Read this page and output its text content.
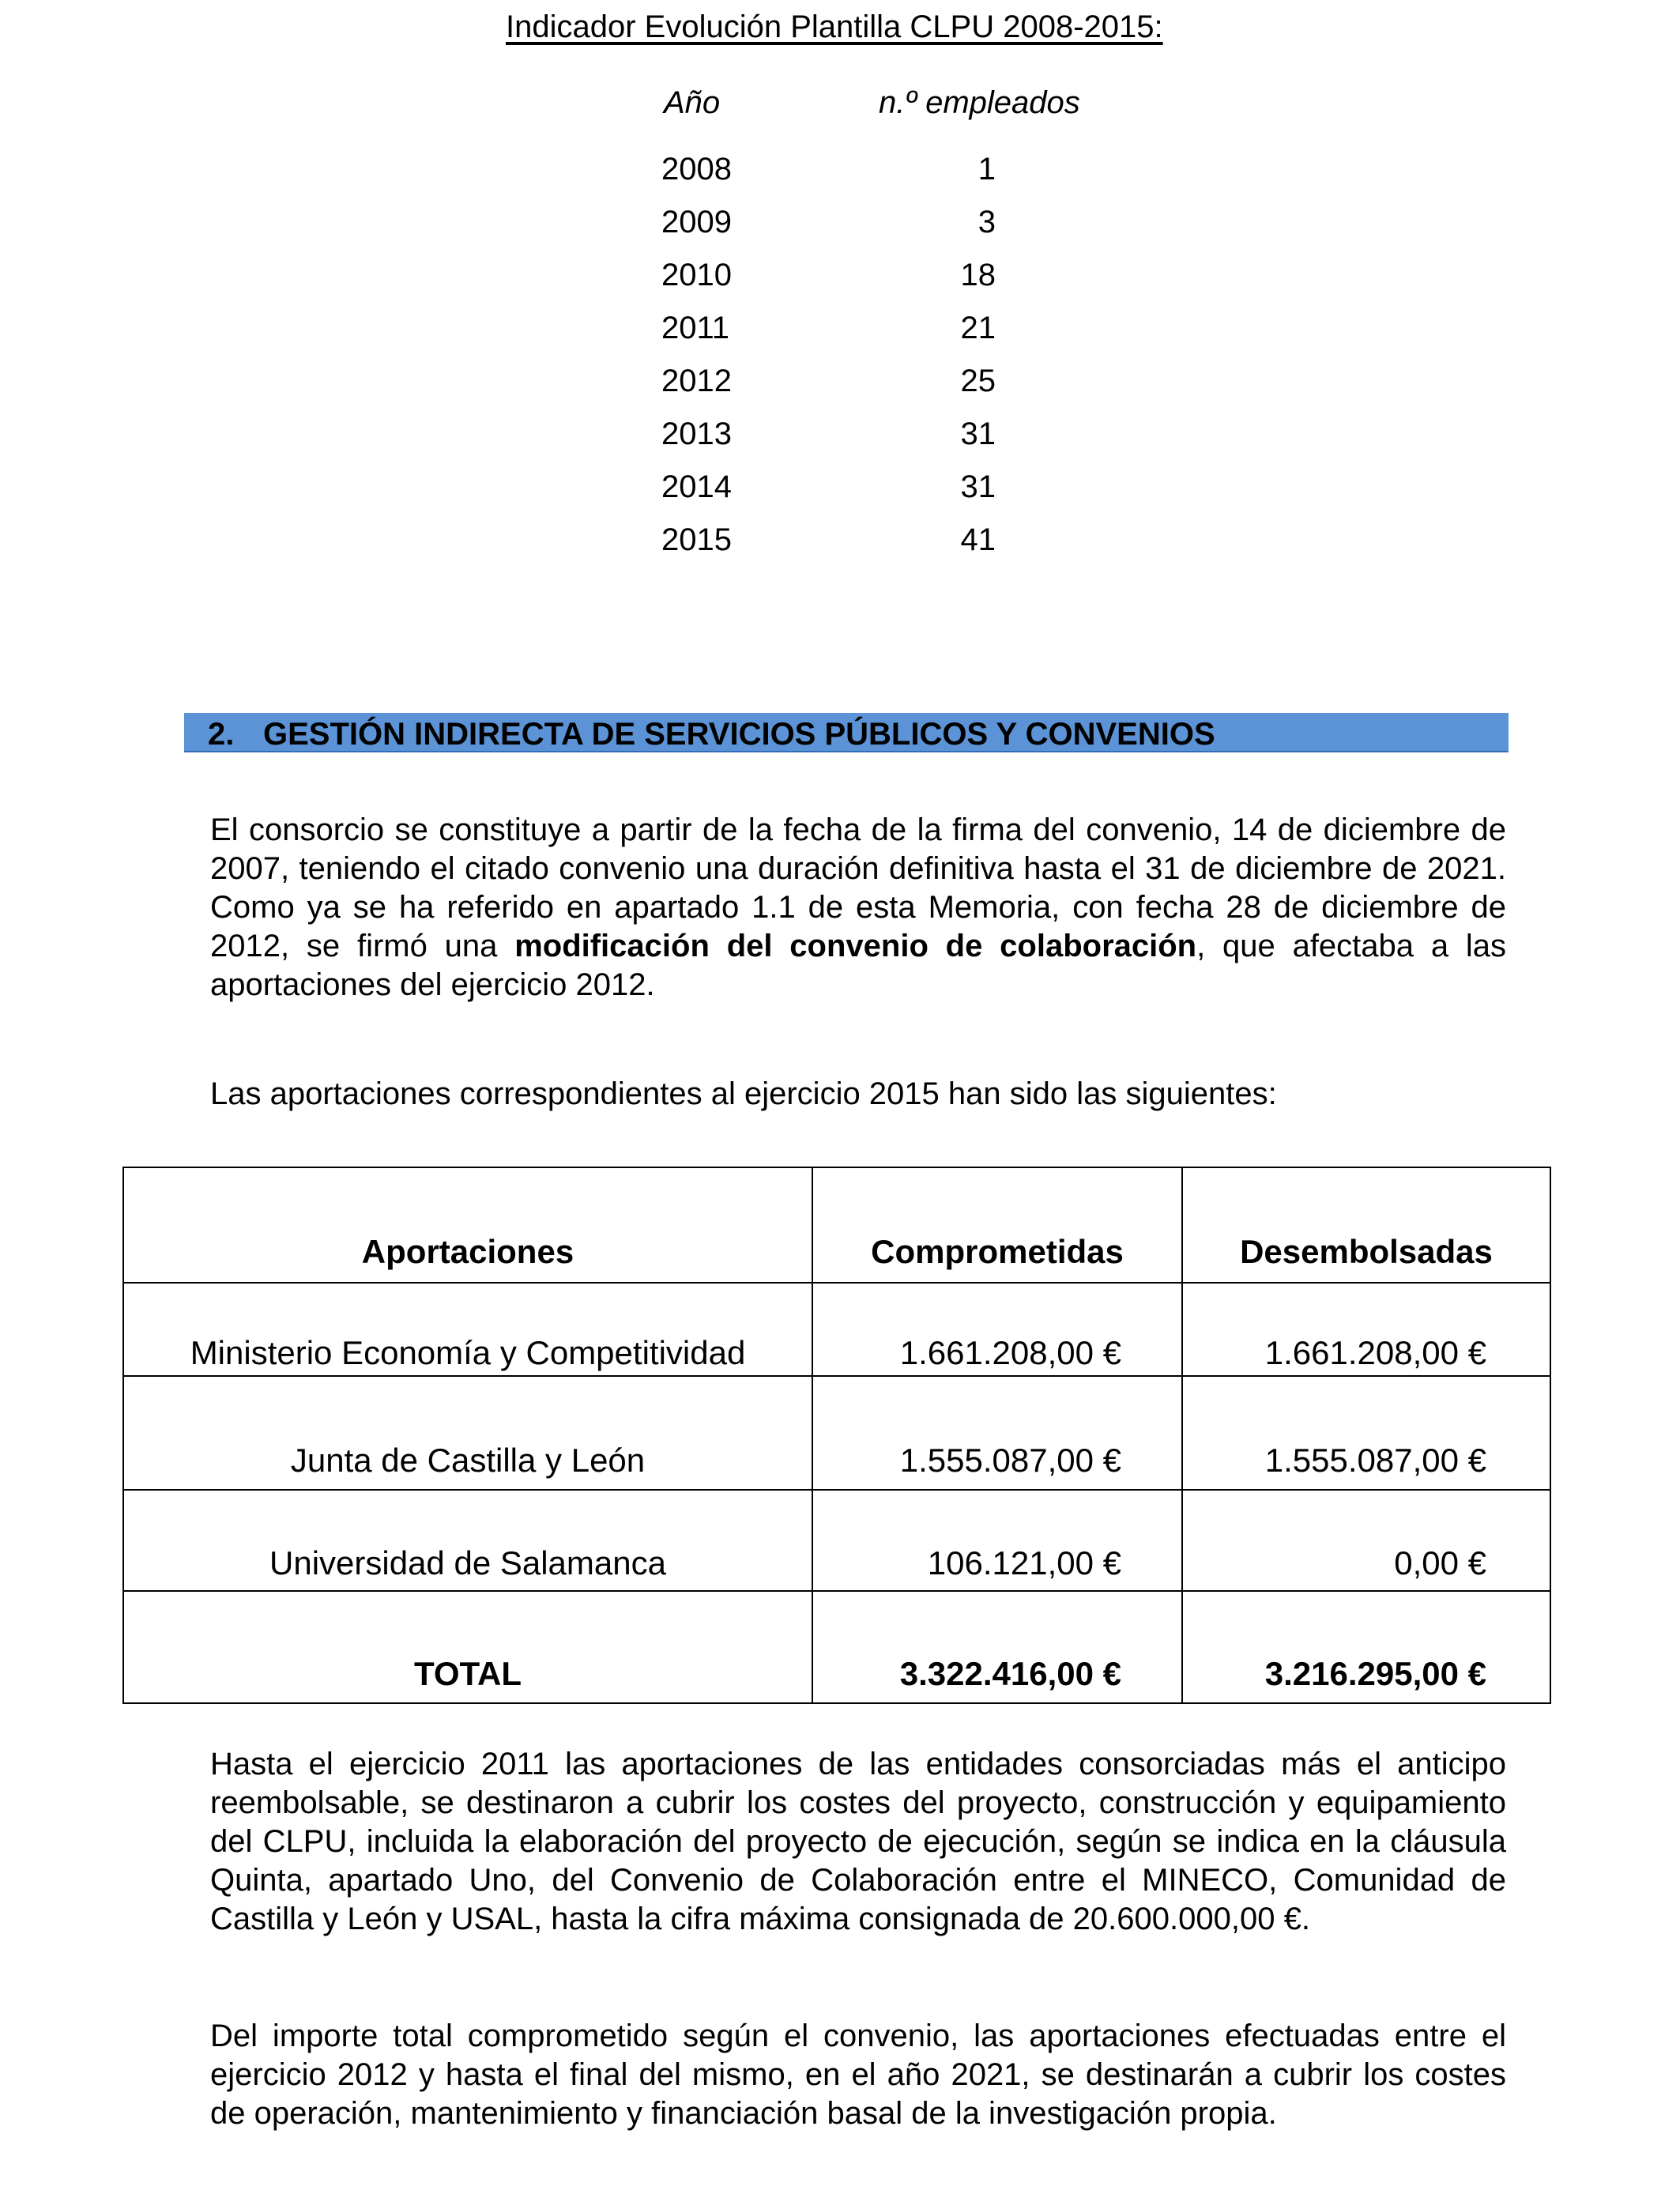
Indicador Evolución Plantilla CLPU 2008-2015:
Año	n.º empleados
2008	1
2009	3
2010	18
2011	21
2012	25
2013	31
2014	31
2015	41
2. GESTIÓN INDIRECTA DE SERVICIOS PÚBLICOS Y CONVENIOS
El consorcio se constituye a partir de la fecha de la firma del convenio, 14 de diciembre de 2007, teniendo el citado convenio una duración definitiva hasta el 31 de diciembre de 2021. Como ya se ha referido en apartado 1.1 de esta Memoria, con fecha 28 de diciembre de 2012, se firmó una modificación del convenio de colaboración, que afectaba a las aportaciones del ejercicio 2012.
Las aportaciones correspondientes al ejercicio 2015 han sido las siguientes:
Aportaciones	Comprometidas	Desembolsadas
Ministerio Economía y Competitividad	1.661.208,00 €	1.661.208,00 €
Junta de Castilla y León	1.555.087,00 €	1.555.087,00 €
Universidad de Salamanca	106.121,00 €	0,00 €
TOTAL	3.322.416,00 €	3.216.295,00 €
Hasta el ejercicio 2011 las aportaciones de las entidades consorciadas más el anticipo reembolsable, se destinaron a cubrir los costes del proyecto, construcción y equipamiento del CLPU, incluida la elaboración del proyecto de ejecución, según se indica en la cláusula Quinta, apartado Uno, del Convenio de Colaboración entre el MINECO, Comunidad de Castilla y León y USAL, hasta la cifra máxima consignada de 20.600.000,00 €.
Del importe total comprometido según el convenio, las aportaciones efectuadas entre el ejercicio 2012 y hasta el final del mismo, en el año 2021, se destinarán a cubrir los costes de operación, mantenimiento y financiación basal de la investigación propia.
